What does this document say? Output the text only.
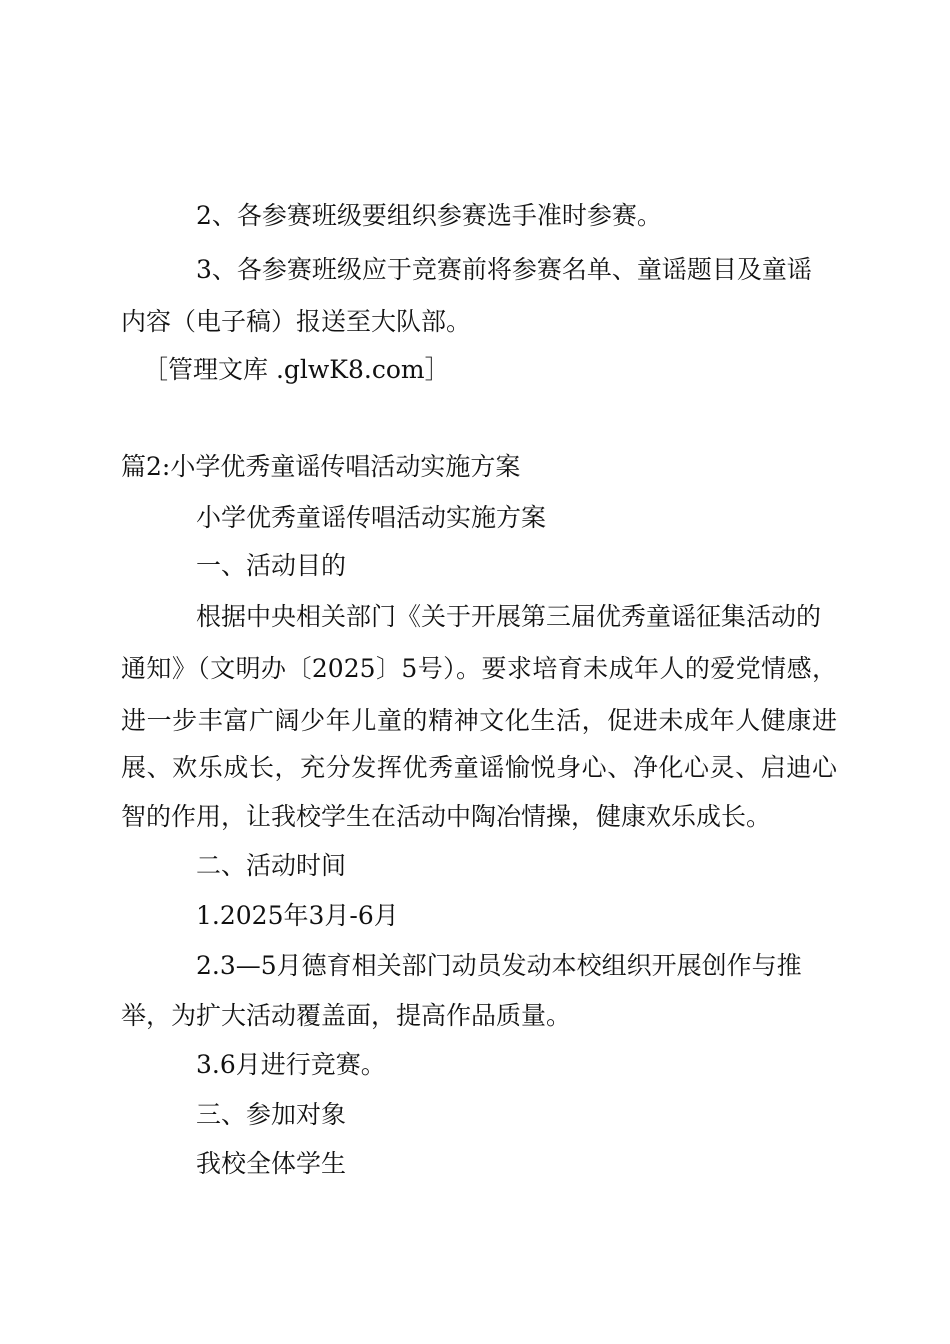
2、各参赛班级要组织参赛选手准时参赛。
3、各参赛班级应于竞赛前将参赛名单、童谣题目及童谣
内容（电子稿）报送至大队部。
［管理文库 .glwK8.com］
篇2:小学优秀童谣传唱活动实施方案
小学优秀童谣传唱活动实施方案
一、活动目的
根据中央相关部门《关于开展第三届优秀童谣征集活动的
通知》（文明办〔2025〕5号）。要求培育未成年人的爱党情感，
进一步丰富广阔少年儿童的精神文化生活，促进未成年人健康进
展、欢乐成长，充分发挥优秀童谣愉悦身心、净化心灵、启迪心
智的作用，让我校学生在活动中陶冶情操，健康欢乐成长。
二、活动时间
1.2025年3月-6月
2.3—5月德育相关部门动员发动本校组织开展创作与推
举，为扩大活动覆盖面，提高作品质量。
3.6月进行竞赛。
三、参加对象
我校全体学生
